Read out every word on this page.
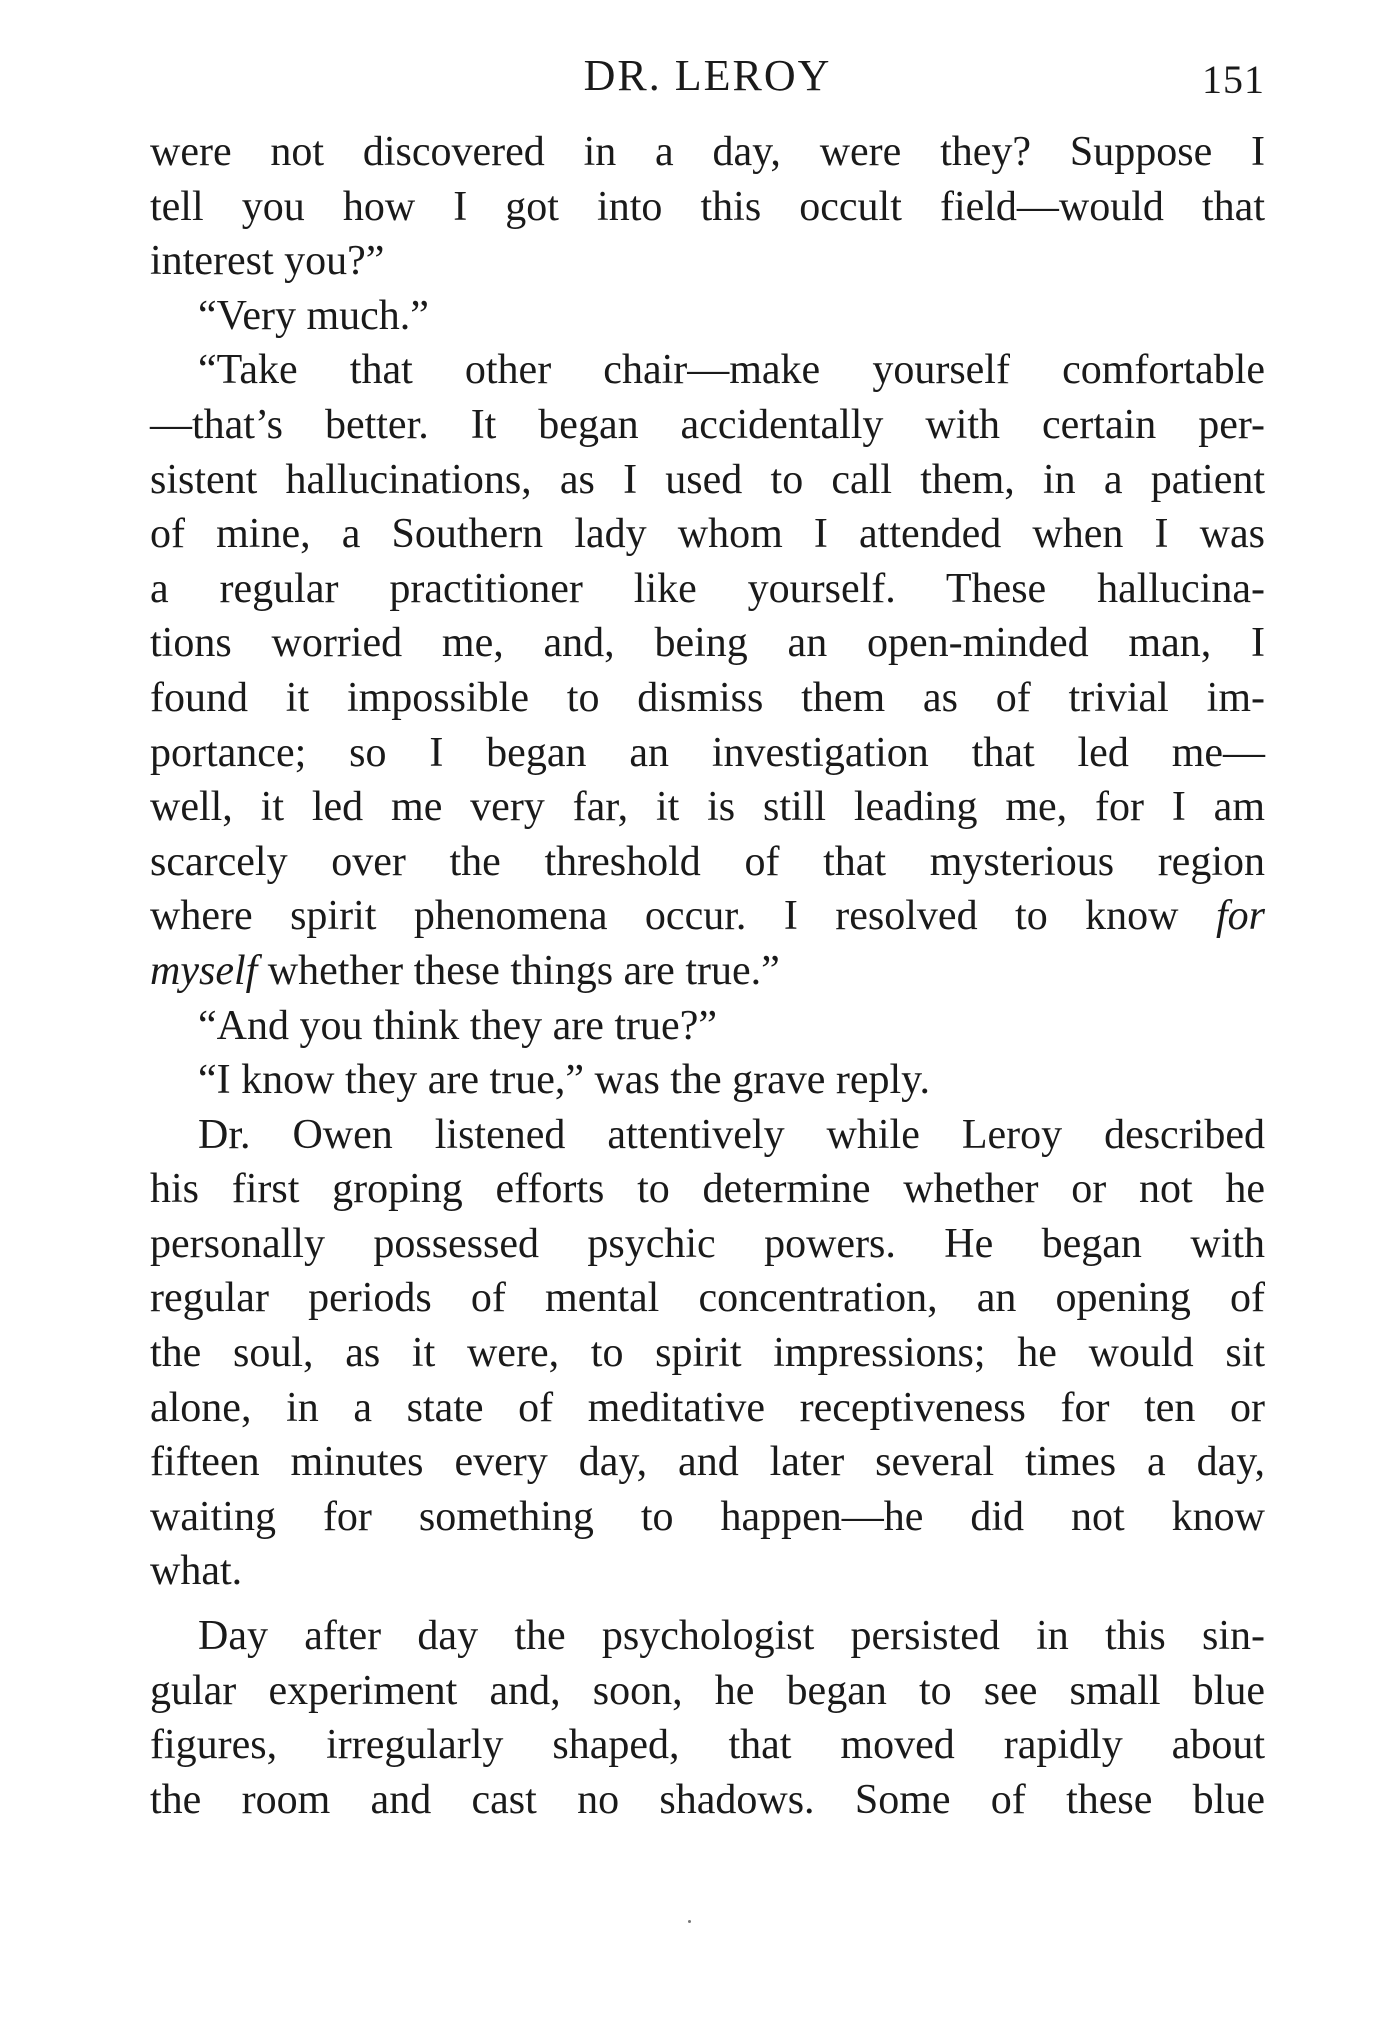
DR. LEROY	151
were not discovered in a day, were they? Suppose I
tell you how I got into this occult field—would that
interest you?”
“Very much.”
“Take that other chair—make yourself comfortable
—that’s better. It began accidentally with certain per-
sistent hallucinations, as I used to call them, in a patient
of mine, a Southern lady whom I attended when I was
a regular practitioner like yourself. These hallucina-
tions worried me, and, being an open-minded man, I
found it impossible to dismiss them as of trivial im-
portance; so I began an investigation that led me—
well, it led me very far, it is still leading me, for I am
scarcely over the threshold of that mysterious region
where spirit phenomena occur. I resolved to know for
myself whether these things are true.”
“And you think they are true?”
“I know they are true,” was the grave reply.
Dr. Owen listened attentively while Leroy described
his first groping efforts to determine whether or not he
personally possessed psychic powers. He began with
regular periods of mental concentration, an opening of
the soul, as it were, to spirit impressions; he would sit
alone, in a state of meditative receptiveness for ten or
fifteen minutes every day, and later several times a day,
waiting for something to happen—he did not know
what.
Day after day the psychologist persisted in this sin-
gular experiment and, soon, he began to see small blue
figures, irregularly shaped, that moved rapidly about
the room and cast no shadows. Some of these blue
